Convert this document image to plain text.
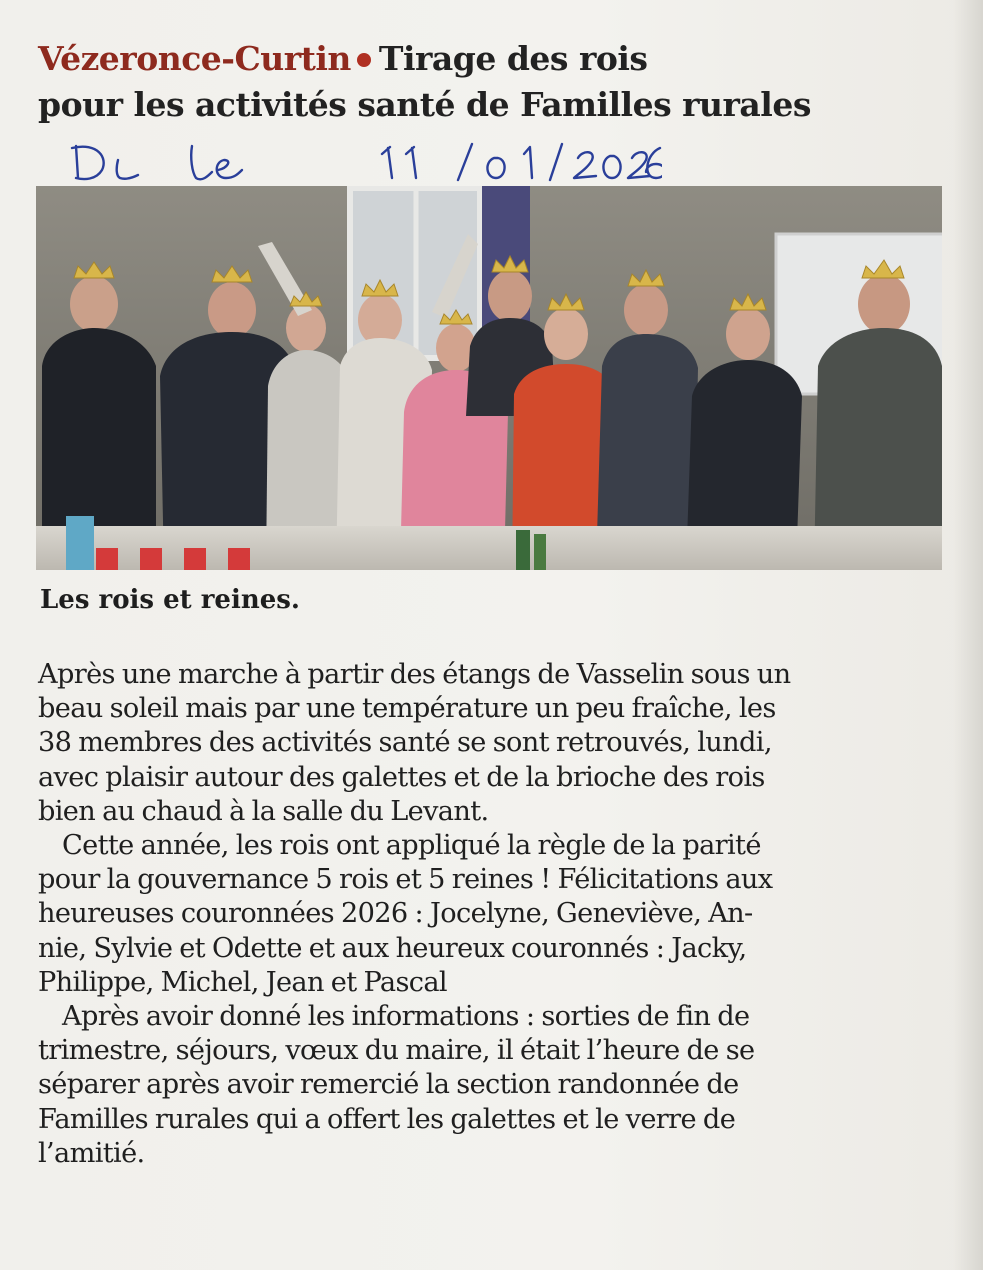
Vézeronce-Curtin Tirage des rois
pour les activités santé de Familles rurales
Les rois et reines.
Après une marche à partir des étangs de Vasselin sous un
beau soleil mais par une température un peu fraîche, les
38 membres des activités santé se sont retrouvés, lundi,
avec plaisir autour des galettes et de la brioche des rois
bien au chaud à la salle du Levant.
Cette année, les rois ont appliqué la règle de la parité
pour la gouvernance 5 rois et 5 reines ! Félicitations aux
heureuses couronnées 2026 : Jocelyne, Geneviève, An-
nie, Sylvie et Odette et aux heureux couronnés : Jacky,
Philippe, Michel, Jean et Pascal
Après avoir donné les informations : sorties de fin de
trimestre, séjours, vœux du maire, il était l’heure de se
séparer après avoir remercié la section randonnée de
Familles rurales qui a offert les galettes et le verre de
l’amitié.
